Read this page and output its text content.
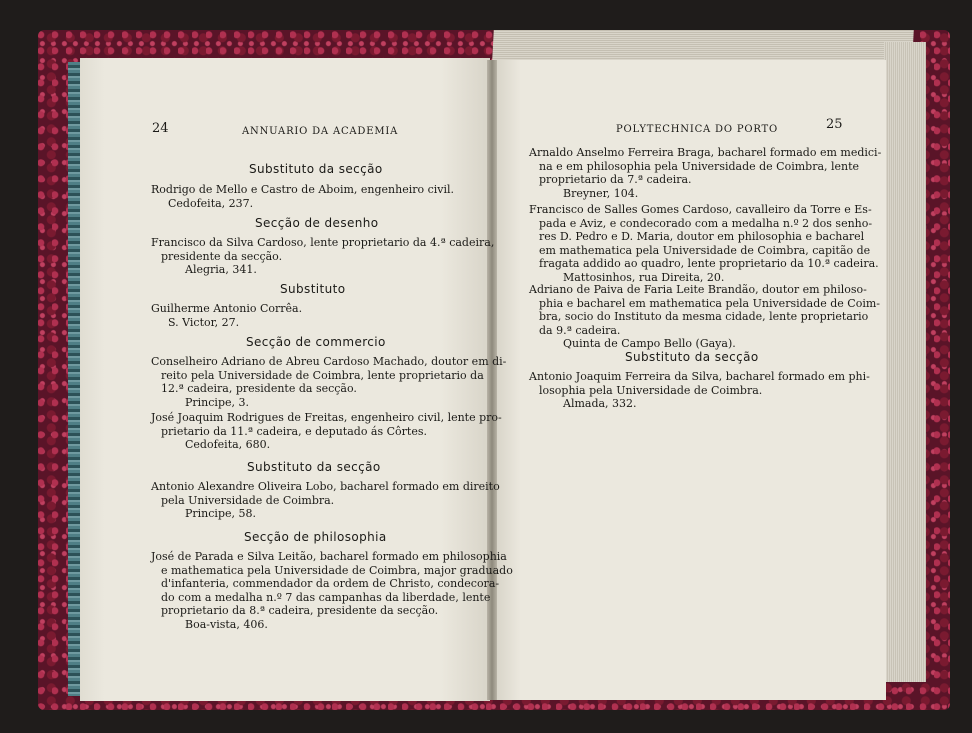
24	ANNUARIO DA ACADEMIA
Substituto da secção
Rodrigo de Mello e Castro de Aboim, engenheiro civil.
Cedofeita, 237.
Secção de desenho
Francisco da Silva Cardoso, lente proprietario da 4.ª cadeira,
presidente da secção.
Alegria, 341.
Substituto
Guilherme Antonio Corrêa.
S. Victor, 27.
Secção de commercio
Conselheiro Adriano de Abreu Cardoso Machado, doutor em di-
reito pela Universidade de Coimbra, lente proprietario da
12.ª cadeira, presidente da secção.
Principe, 3.
José Joaquim Rodrigues de Freitas, engenheiro civil, lente pro-
prietario da 11.ª cadeira, e deputado ás Côrtes.
Cedofeita, 680.
Substituto da secção
Antonio Alexandre Oliveira Lobo, bacharel formado em direito
pela Universidade de Coimbra.
Principe, 58.
Secção de philosophia
José de Parada e Silva Leitão, bacharel formado em philosophia
e mathematica pela Universidade de Coimbra, major graduado
d'infanteria, commendador da ordem de Christo, condecora-
do com a medalha n.º 7 das campanhas da liberdade, lente
proprietario da 8.ª cadeira, presidente da secção.
Boa-vista, 406.
POLYTECHNICA DO PORTO	25
Arnaldo Anselmo Ferreira Braga, bacharel formado em medici-
na e em philosophia pela Universidade de Coimbra, lente
proprietario da 7.ª cadeira.
Breyner, 104.
Francisco de Salles Gomes Cardoso, cavalleiro da Torre e Es-
pada e Aviz, e condecorado com a medalha n.º 2 dos senho-
res D. Pedro e D. Maria, doutor em philosophia e bacharel
em mathematica pela Universidade de Coimbra, capitão de
fragata addido ao quadro, lente proprietario da 10.ª cadeira.
Mattosinhos, rua Direita, 20.
Adriano de Paiva de Faria Leite Brandão, doutor em philoso-
phia e bacharel em mathematica pela Universidade de Coim-
bra, socio do Instituto da mesma cidade, lente proprietario
da 9.ª cadeira.
Quinta de Campo Bello (Gaya).
Substituto da secção
Antonio Joaquim Ferreira da Silva, bacharel formado em phi-
losophia pela Universidade de Coimbra.
Almada, 332.
